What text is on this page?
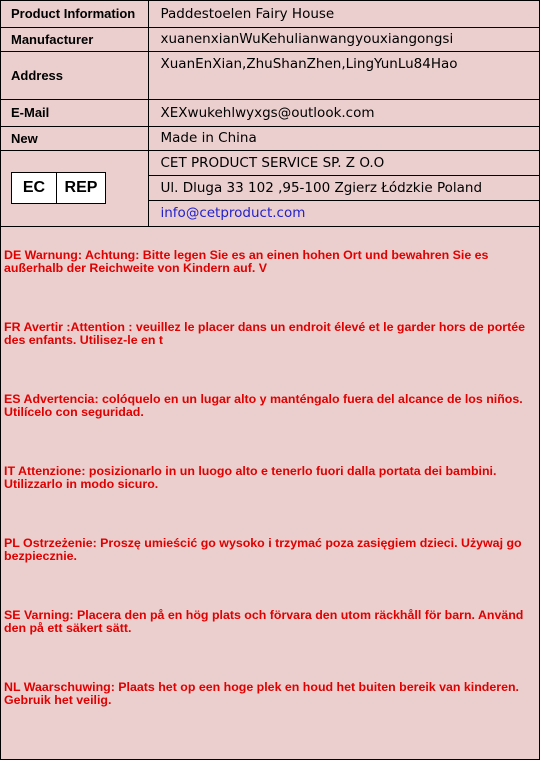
Product Information	Paddestoelen Fairy House
Manufacturer	xuanenxianWuKehulianwangyouxiangongsi
Address	XuanEnXian,ZhuShanZhen,LingYunLu84Hao
E-Mail	XEXwukehlwyxgs@outlook.com
New	Made in China

EC REP	CET PRODUCT SERVICE SP. Z O.O
	Ul. Dluga 33 102 ,95-100 Zgierz Łódzkie Poland
	info@cetproduct.com

DE Warnung: Achtung: Bitte legen Sie es an einen hohen Ort und bewahren Sie es außerhalb der Reichweite von Kindern auf. V

FR Avertir :Attention : veuillez le placer dans un endroit élevé et le garder hors de portée des enfants. Utilisez-le en t

ES Advertencia: colóquelo en un lugar alto y manténgalo fuera del alcance de los niños. Utilícelo con seguridad.

IT Attenzione: posizionarlo in un luogo alto e tenerlo fuori dalla portata dei bambini. Utilizzarlo in modo sicuro.

PL Ostrzeżenie: Proszę umieścić go wysoko i trzymać poza zasięgiem dzieci. Używaj go bezpiecznie.

SE Varning: Placera den på en hög plats och förvara den utom räckhåll för barn. Använd den på ett säkert sätt.

NL Waarschuwing: Plaats het op een hoge plek en houd het buiten bereik van kinderen. Gebruik het veilig.
